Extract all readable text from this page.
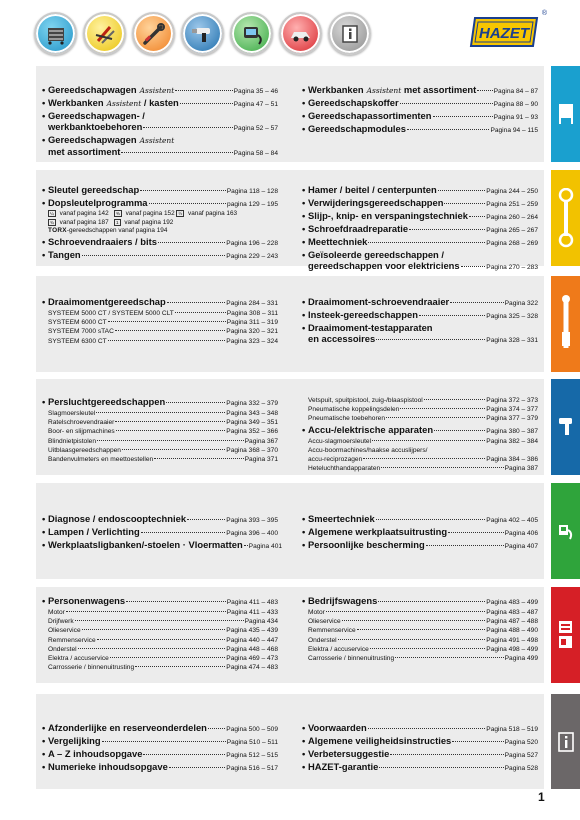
HAZET
®
• Gereedschapwagen Assistent	Pagina 35 – 46
• Werkbanken Assistent / kasten	Pagina 47 – 51
• Gereedschapwagen- /
werkbanktoebehoren	Pagina 52 – 57
• Gereedschapwagen Assistent
met assortiment	Pagina 58 – 84
• Werkbanken Assistent met assortiment	Pagina 84 – 87
• Gereedschapskoffer	Pagina 88 – 90
• Gereedschapassortimenten	Pagina 91 – 93
• Gereedschapmodules	Pagina 94 – 115
• Sleutel gereedschap	Pagina 118 – 128
• Dopsleutelprogramma	pagina 129 – 195
¼ vanaf pagina 142 ⅜ vanaf pagina 152 ½ vanaf pagina 163
¾ vanaf pagina 187 1 vanaf pagina 192
TORX -gereedschappen vanaf pagina 194
• Schroevendraaiers / bits	Pagina 196 – 228
• Tangen	Pagina 229 – 243
• Hamer / beitel / centerpunten	Pagina 244 – 250
• Verwijderingsgereedschappen	Pagina 251 – 259
• Slijp-, knip- en verspaningstechniek	Pagina 260 – 264
• Schroefdraadreparatie	Pagina 265 – 267
• Meettechniek	Pagina 268 – 269
• Geïsoleerde gereedschappen /
gereedschappen voor elektriciens	Pagina 270 – 283
• Draaimomentgereedschap	Pagina 284 – 331
SYSTEEM 5000 CT / SYSTEEM 5000 CLT	Pagina 308 – 311
SYSTEEM 6000 CT	Pagina 311 – 319
SYSTEEM 7000 sTAC	Pagina 320 – 321
SYSTEEM 6300 CT	Pagina 323 – 324
• Draaimoment-schroevendraaier	Pagina 322
• Insteek-gereedschappen	Pagina 325 – 328
• Draaimoment-testapparaten
en accessoires	Pagina 328 – 331
• Persluchtgereedschappen	Pagina 332 – 379
Slagmoersleutel	Pagina 343 – 348
Ratelschroevendraaier	Pagina 349 – 351
Boor- en slijpmachines	Pagina 352 – 366
Blindnietpistolen	Pagina 367
Uitblaasgereedschappen	Pagina 368 – 370
Bandenvulmeters en meettoestellen	Pagina 371
Vetspuit, spuitpistool, zuig-/blaaspistool	Pagina 372 – 373
Pneumatische koppelingsdelen	Pagina 374 – 377
Pneumatische toebehoren	Pagina 377 – 379
• Accu-/elektrische apparaten	Pagina 380 – 387
Accu-slagmoersleutel	Pagina 382 – 384
Accu-boormachines/haakse accuslijpers/
accu-reciprozagen	Pagina 384 – 386
Heteluchthandapparaten	Pagina 387
• Diagnose / endoscooptechniek	Pagina 393 – 395
• Lampen / Verlichting	Pagina 396 – 400
• Werkplaatsligbanken/-stoelen · Vloermatten Pagina 401
• Smeertechniek	Pagina 402 – 405
• Algemene werkplaatsuitrusting	Pagina 406
• Persoonlijke bescherming	Pagina 407
• Personenwagens	Pagina 411 – 483
Motor	Pagina 411 – 433
Drijfwerk	Pagina 434
Olieservice	Pagina 435 – 439
Remmenservice	Pagina 440 – 447
Onderstel	Pagina 448 – 468
Elektra / accuservice	Pagina 469 – 473
Carrosserie / binnenuitrusting	Pagina 474 – 483
• Bedrijfswagens	Pagina 483 – 499
Motor	Pagina 483 – 487
Olieservice	Pagina 487 – 488
Remmenservice	Pagina 488 – 490
Onderstel	Pagina 491 – 498
Elektra / accuservice	Pagina 498 – 499
Carrosserie / binnenuitrusting	Pagina 499
• Afzonderlijke en reserveonderdelen	Pagina 500 – 509
• Vergelijking	Pagina 510 – 511
• A – Z inhoudsopgave	Pagina 512 – 515
• Numerieke inhoudsopgave	Pagina 516 – 517
• Voorwaarden	Pagina 518 – 519
• Algemene veiligheidsinstructies	Pagina 520
• Verbetersuggestie	Pagina 527
• HAZET-garantie	Pagina 528
1
